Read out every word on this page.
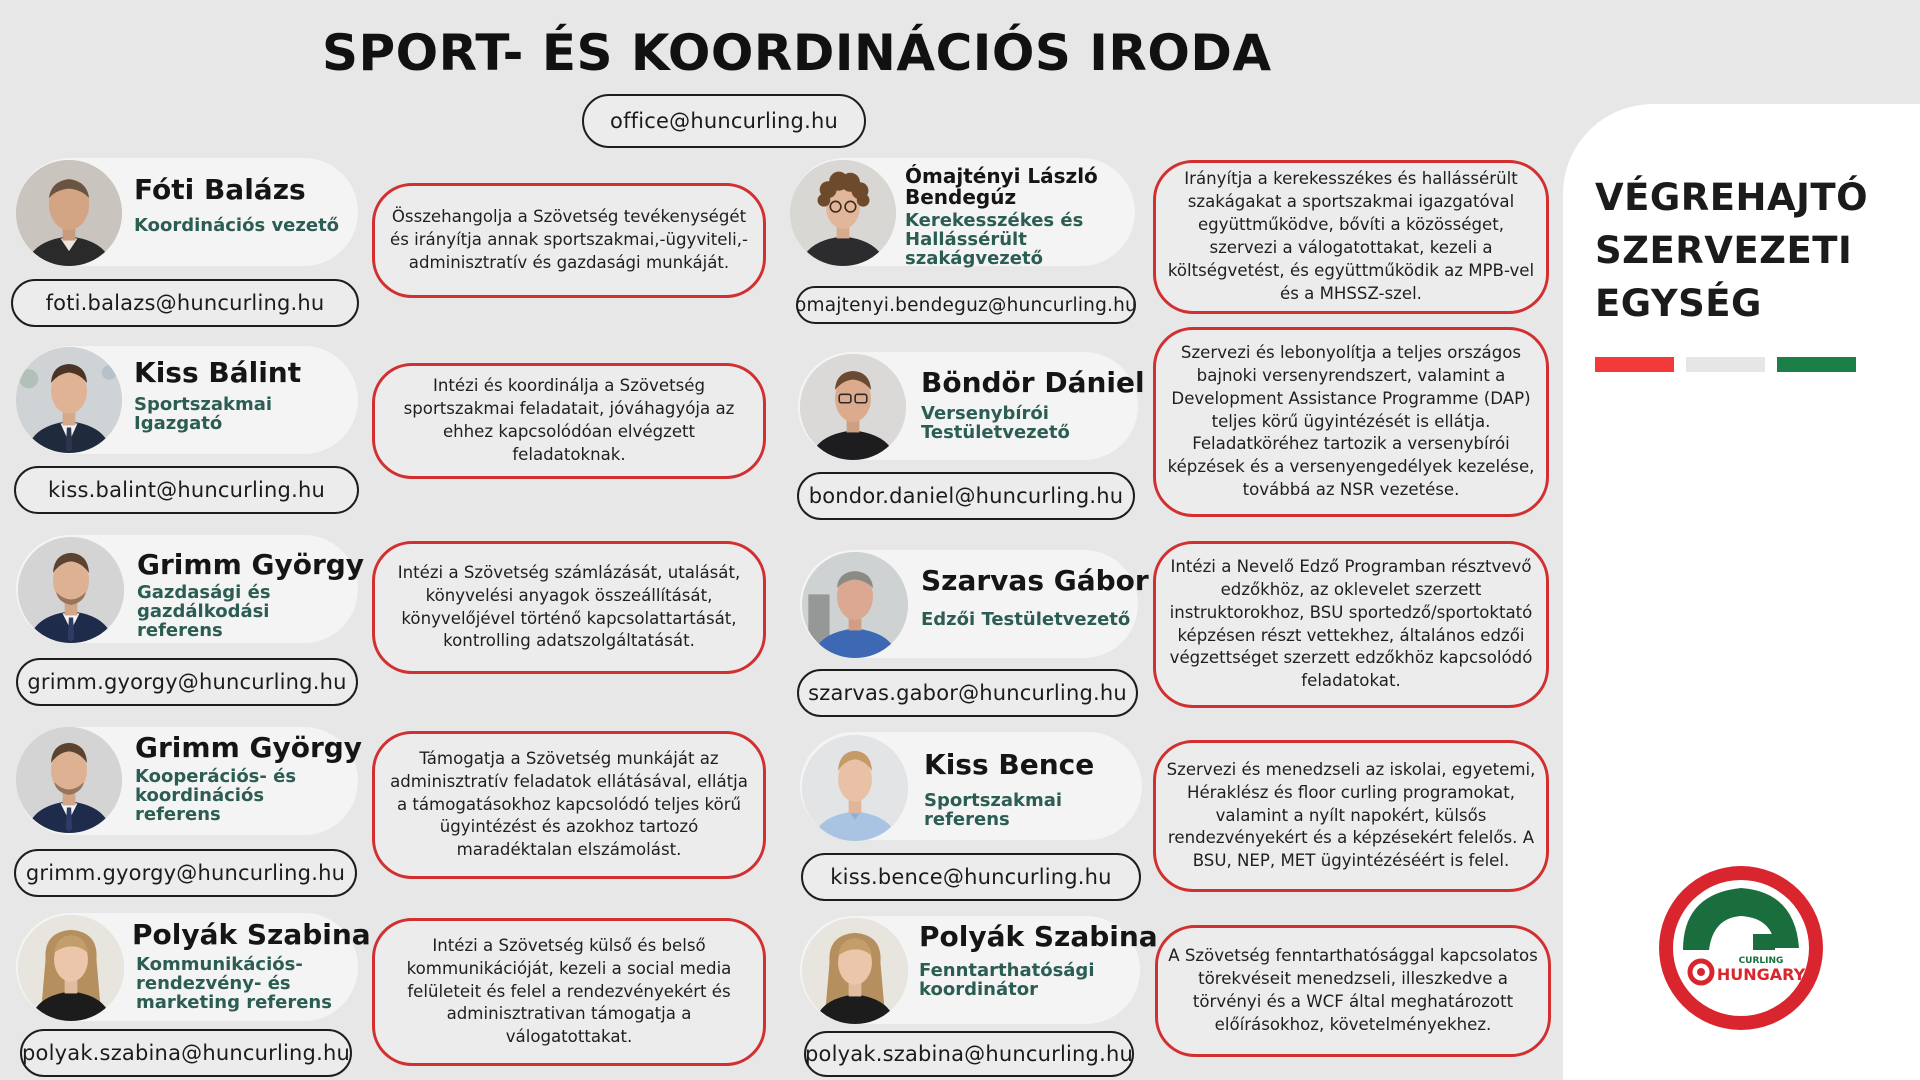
SPORT- ÉS KOORDINÁCIÓS IRODA
office@huncurling.hu
Fóti Balázs
Koordinációs vezető
foti.balazs@huncurling.hu
Összehangolja a Szövetség tevékenységét és irányítja annak sportszakmai,-ügyviteli,-adminisztratív és gazdasági munkáját.
Kiss Bálint
Sportszakmai Igazgató
kiss.balint@huncurling.hu
Intézi és koordinálja a Szövetség sportszakmai feladatait, jóváhagyója az ehhez kapcsolódóan elvégzett feladatoknak.
Grimm György
Gazdasági és gazdálkodási referens
grimm.gyorgy@huncurling.hu
Intézi a Szövetség számlázását, utalását, könyvelési anyagok összeállítását, könyvelőjével történő kapcsolattartását, kontrolling adatszolgáltatását.
Grimm György
Kooperációs- és koordinációs referens
grimm.gyorgy@huncurling.hu
Támogatja a Szövetség munkáját az adminisztratív feladatok ellátásával, ellátja a támogatásokhoz kapcsolódó teljes körű ügyintézést és azokhoz tartozó maradéktalan elszámolást.
Polyák Szabina
Kommunikációs-rendezvény- és marketing referens
polyak.szabina@huncurling.hu
Intézi a Szövetség külső és belső kommunikációját, kezeli a social media felületeit és felel a rendezvényekért és adminisztrativan támogatja a válogatottakat.
Ómajtényi László Bendegúz
Kerekesszékes és Hallássérült szakágvezető
omajtenyi.bendeguz@huncurling.hu
Irányítja a kerekesszékes és hallássérült szakágakat a sportszakmai igazgatóval együttműködve, bővíti a közösséget, szervezi a válogatottakat, kezeli a költségvetést, és együttműködik az MPB-vel és a MHSSZ-szel.
Böndör Dániel
Versenybírói Testületvezető
bondor.daniel@huncurling.hu
Szervezi és lebonyolítja a teljes országos bajnoki versenyrendszert, valamint a Development Assistance Programme (DAP) teljes körű ügyintézését is ellátja. Feladatköréhez tartozik a versenybírói képzések és a versenyengedélyek kezelése, továbbá az NSR vezetése.
Szarvas Gábor
Edzői Testületvezető
szarvas.gabor@huncurling.hu
Intézi a Nevelő Edző Programban résztvevő edzőkhöz, az oklevelet szerzett instruktorokhoz, BSU sportedző/sportoktató képzésen részt vettekhez, általános edzői végzettséget szerzett edzőkhöz kapcsolódó feladatokat.
Kiss Bence
Sportszakmai referens
kiss.bence@huncurling.hu
Szervezi és menedzseli az iskolai, egyetemi, Héraklész és floor curling programokat, valamint a nyílt napokért, külsős rendezvényekért és a képzésekért felelős. A BSU, NEP, MET ügyintézéséért is felel.
Polyák Szabina
Fenntarthatósági koordinátor
polyak.szabina@huncurling.hu
A Szövetség fenntarthatósággal kapcsolatos törekvéseit menedzseli, illeszkedve a törvényi és a WCF által meghatározott előírásokhoz, követelményekhez.
VÉGREHAJTÓ SZERVEZETI EGYSÉG
CURLING
HUNGARY
